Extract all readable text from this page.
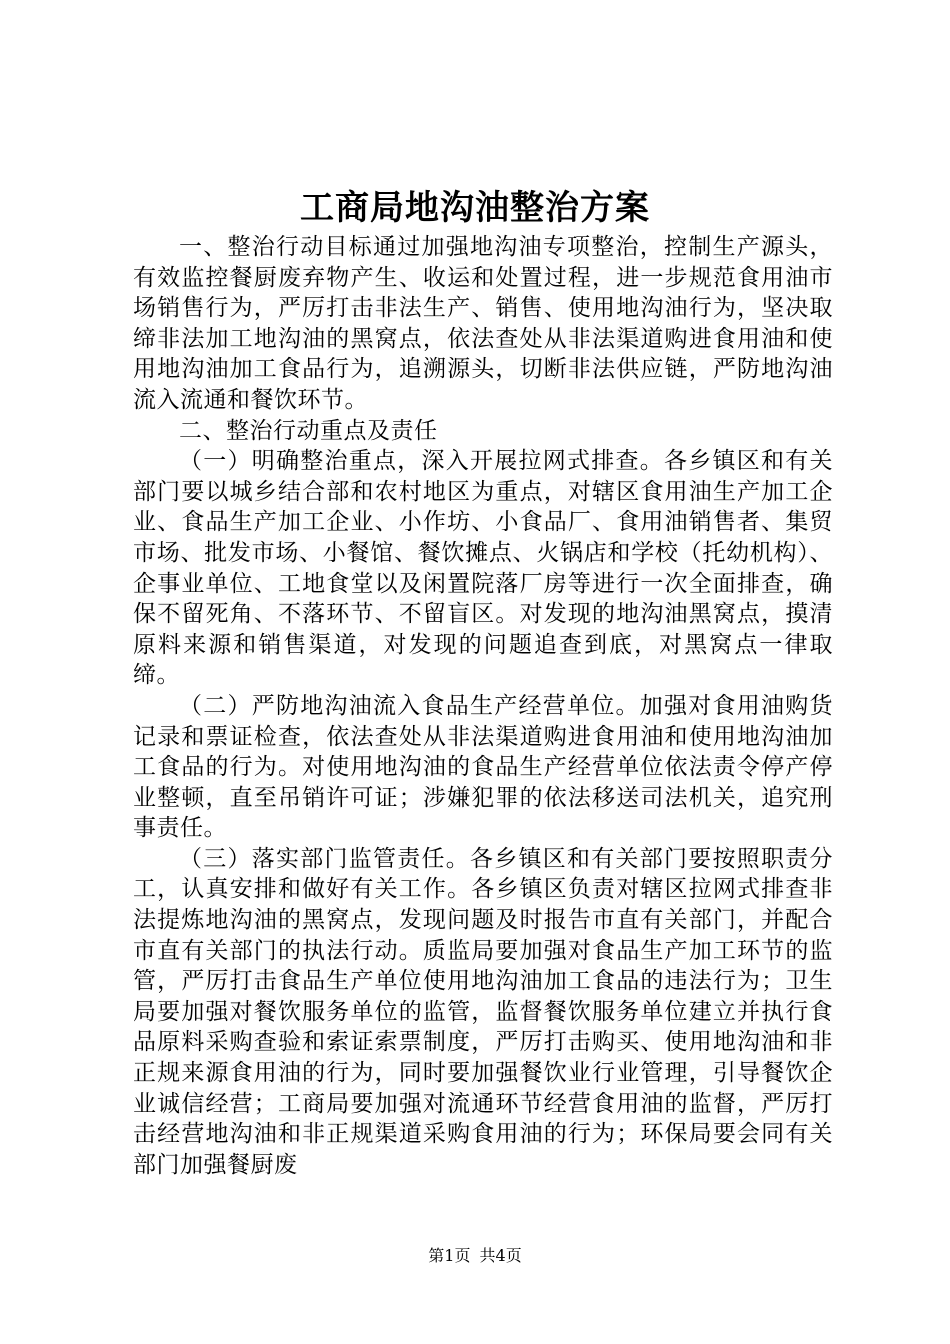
工商局地沟油整治方案

一、整治行动目标通过加强地沟油专项整治，控制生产源头，有效监控餐厨废弃物产生、收运和处置过程，进一步规范食用油市场销售行为，严厉打击非法生产、销售、使用地沟油行为，坚决取缔非法加工地沟油的黑窝点，依法查处从非法渠道购进食用油和使用地沟油加工食品行为，追溯源头，切断非法供应链，严防地沟油流入流通和餐饮环节。

二、整治行动重点及责任

（一）明确整治重点，深入开展拉网式排查。各乡镇区和有关部门要以城乡结合部和农村地区为重点，对辖区食用油生产加工企业、食品生产加工企业、小作坊、小食品厂、食用油销售者、集贸市场、批发市场、小餐馆、餐饮摊点、火锅店和学校（托幼机构）、企事业单位、工地食堂以及闲置院落厂房等进行一次全面排查，确保不留死角、不落环节、不留盲区。对发现的地沟油黑窝点，摸清原料来源和销售渠道，对发现的问题追查到底，对黑窝点一律取缔。

（二）严防地沟油流入食品生产经营单位。加强对食用油购货记录和票证检查，依法查处从非法渠道购进食用油和使用地沟油加工食品的行为。对使用地沟油的食品生产经营单位依法责令停产停业整顿，直至吊销许可证；涉嫌犯罪的依法移送司法机关，追究刑事责任。

（三）落实部门监管责任。各乡镇区和有关部门要按照职责分工，认真安排和做好有关工作。各乡镇区负责对辖区拉网式排查非法提炼地沟油的黑窝点，发现问题及时报告市直有关部门，并配合市直有关部门的执法行动。质监局要加强对食品生产加工环节的监管，严厉打击食品生产单位使用地沟油加工食品的违法行为；卫生局要加强对餐饮服务单位的监管，监督餐饮服务单位建立并执行食品原料采购查验和索证索票制度，严厉打击购买、使用地沟油和非正规来源食用油的行为，同时要加强餐饮业行业管理，引导餐饮企业诚信经营；工商局要加强对流通环节经营食用油的监督，严厉打击经营地沟油和非正规渠道采购食用油的行为；环保局要会同有关部门加强餐厨废

第1页 共4页
